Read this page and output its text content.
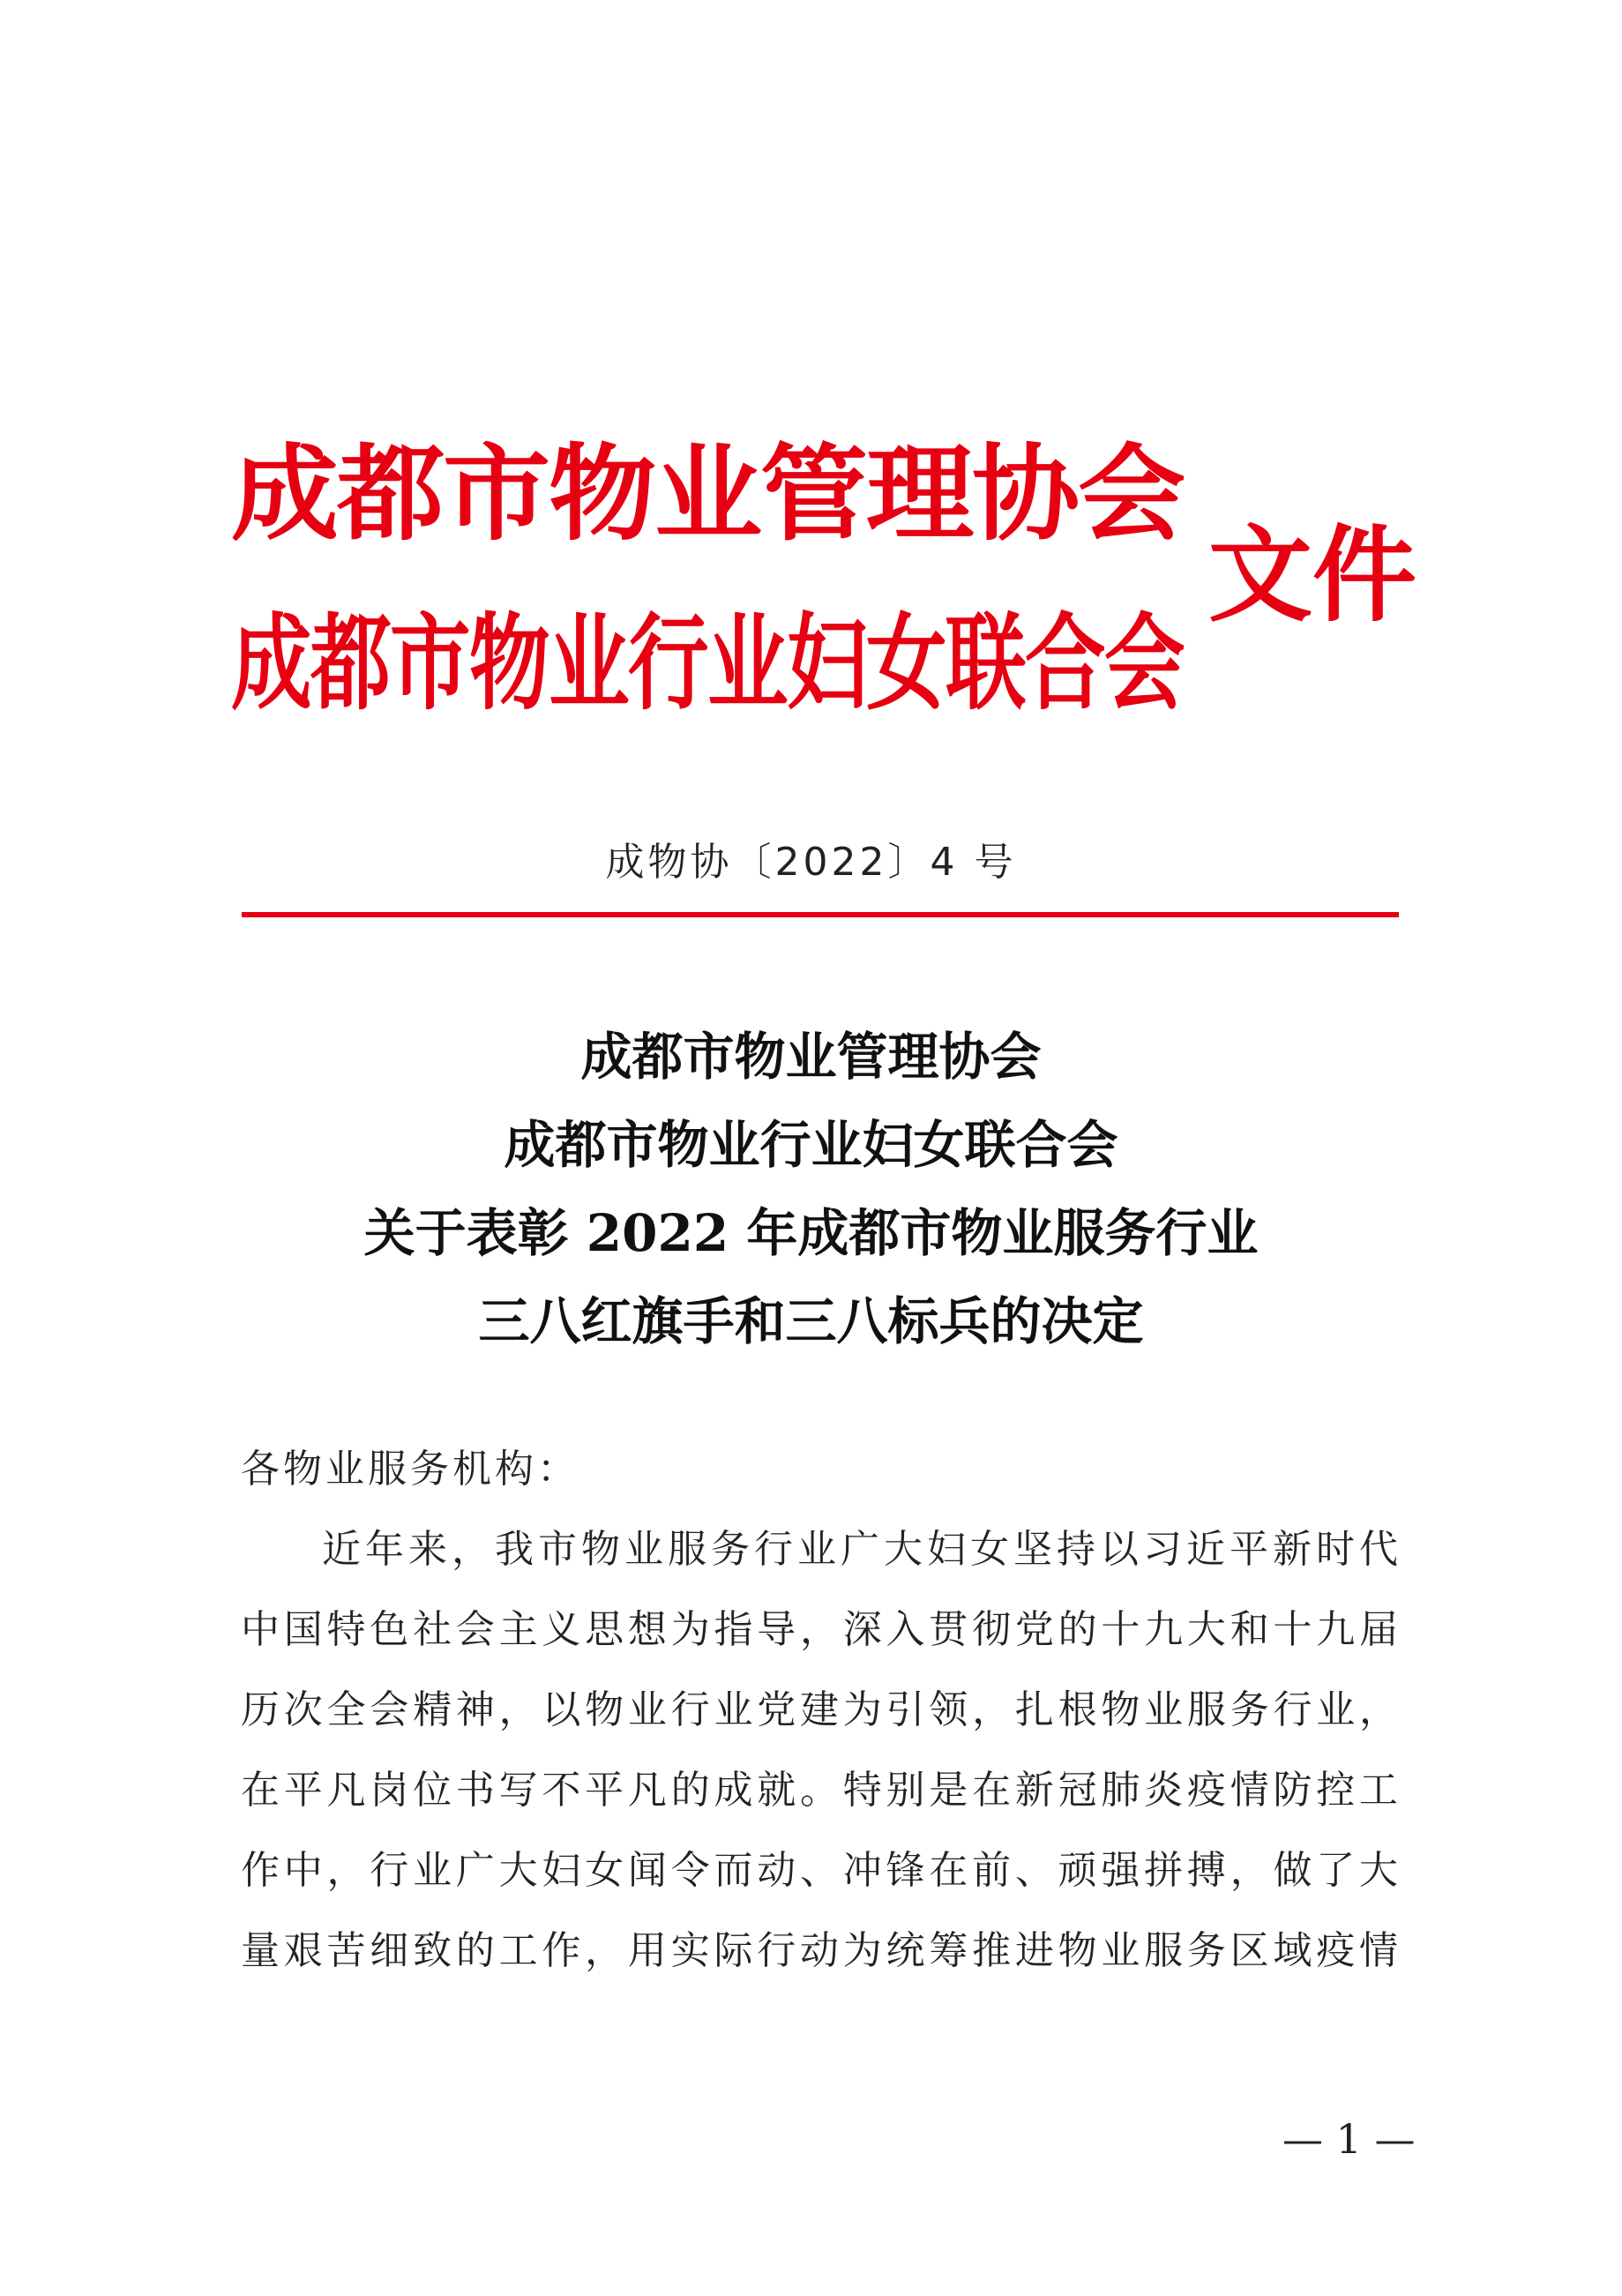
成都市物业管理协会
成都市物业行业妇女联合会
文件
成物协〔2022〕4 号
成都市物业管理协会
成都市物业行业妇女联合会
关于表彰 2022 年成都市物业服务行业
三八红旗手和三八标兵的决定
各物业服务机构：
近年来，我市物业服务行业广大妇女坚持以习近平新时代
中国特色社会主义思想为指导，深入贯彻党的十九大和十九届
历次全会精神，以物业行业党建为引领，扎根物业服务行业，
在平凡岗位书写不平凡的成就。特别是在新冠肺炎疫情防控工
作中，行业广大妇女闻令而动、冲锋在前、顽强拼搏，做了大
量艰苦细致的工作，用实际行动为统筹推进物业服务区域疫情
— 1 —
